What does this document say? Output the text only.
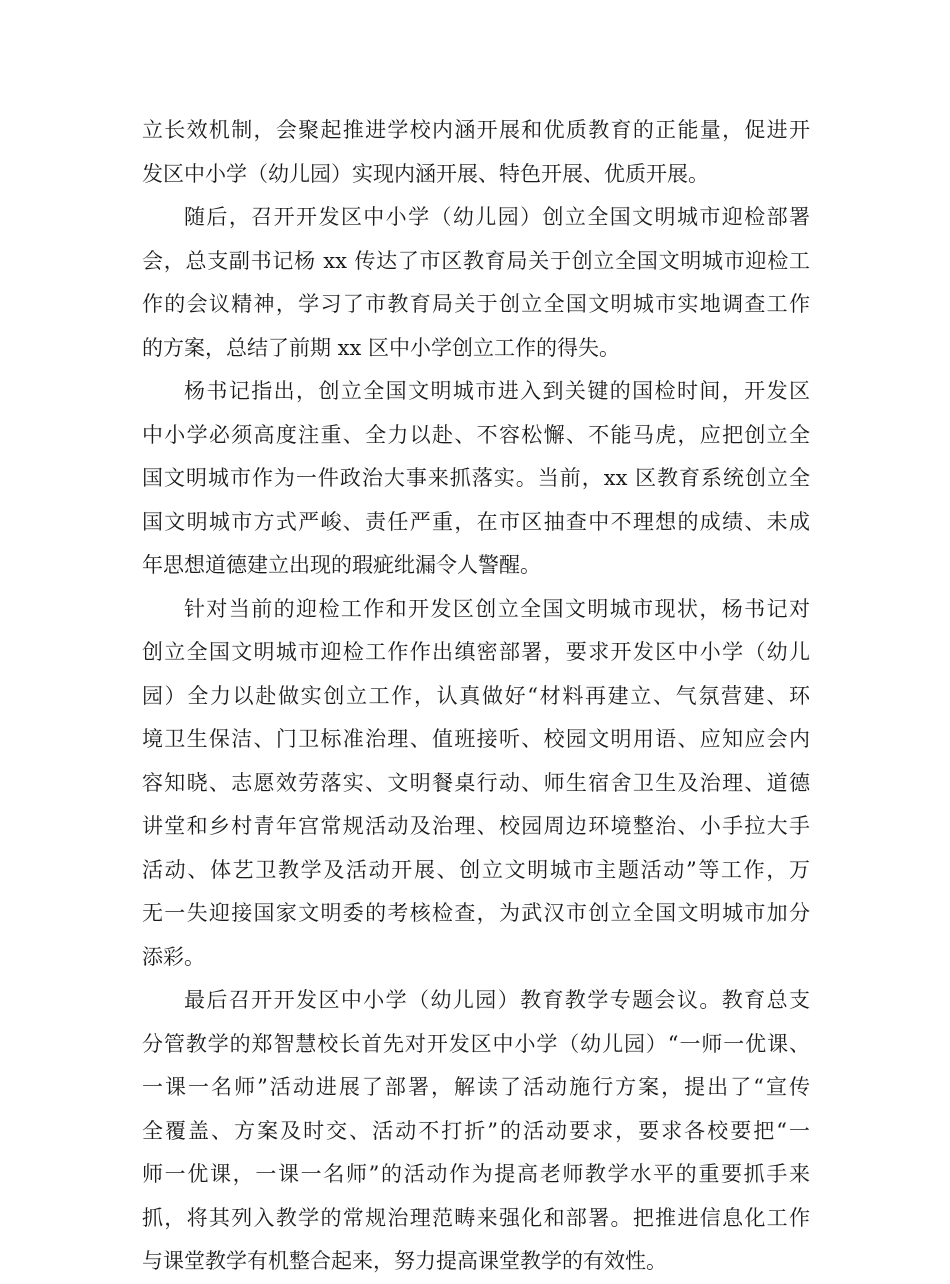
立长效机制，会聚起推进学校内涵开展和优质教育的正能量，促进开
发区中小学（幼儿园）实现内涵开展、特色开展、优质开展。
随后，召开开发区中小学（幼儿园）创立全国文明城市迎检部署
会，总支副书记杨 xx 传达了市区教育局关于创立全国文明城市迎检工
作的会议精神，学习了市教育局关于创立全国文明城市实地调查工作
的方案，总结了前期 xx 区中小学创立工作的得失。
杨书记指出，创立全国文明城市进入到关键的国检时间，开发区
中小学必须高度注重、全力以赴、不容松懈、不能马虎，应把创立全
国文明城市作为一件政治大事来抓落实。当前，xx 区教育系统创立全
国文明城市方式严峻、责任严重，在市区抽查中不理想的成绩、未成
年思想道德建立出现的瑕疵纰漏令人警醒。
针对当前的迎检工作和开发区创立全国文明城市现状，杨书记对
创立全国文明城市迎检工作作出缜密部署，要求开发区中小学（幼儿
园）全力以赴做实创立工作，认真做好“材料再建立、气氛营建、环
境卫生保洁、门卫标准治理、值班接听、校园文明用语、应知应会内
容知晓、志愿效劳落实、文明餐桌行动、师生宿舍卫生及治理、道德
讲堂和乡村青年宫常规活动及治理、校园周边环境整治、小手拉大手
活动、体艺卫教学及活动开展、创立文明城市主题活动”等工作，万
无一失迎接国家文明委的考核检查，为武汉市创立全国文明城市加分
添彩。
最后召开开发区中小学（幼儿园）教育教学专题会议。教育总支
分管教学的郑智慧校长首先对开发区中小学（幼儿园）“一师一优课、
一课一名师”活动进展了部署，解读了活动施行方案，提出了“宣传
全覆盖、方案及时交、活动不打折”的活动要求，要求各校要把“一
师一优课，一课一名师”的活动作为提高老师教学水平的重要抓手来
抓，将其列入教学的常规治理范畴来强化和部署。把推进信息化工作
与课堂教学有机整合起来，努力提高课堂教学的有效性。
